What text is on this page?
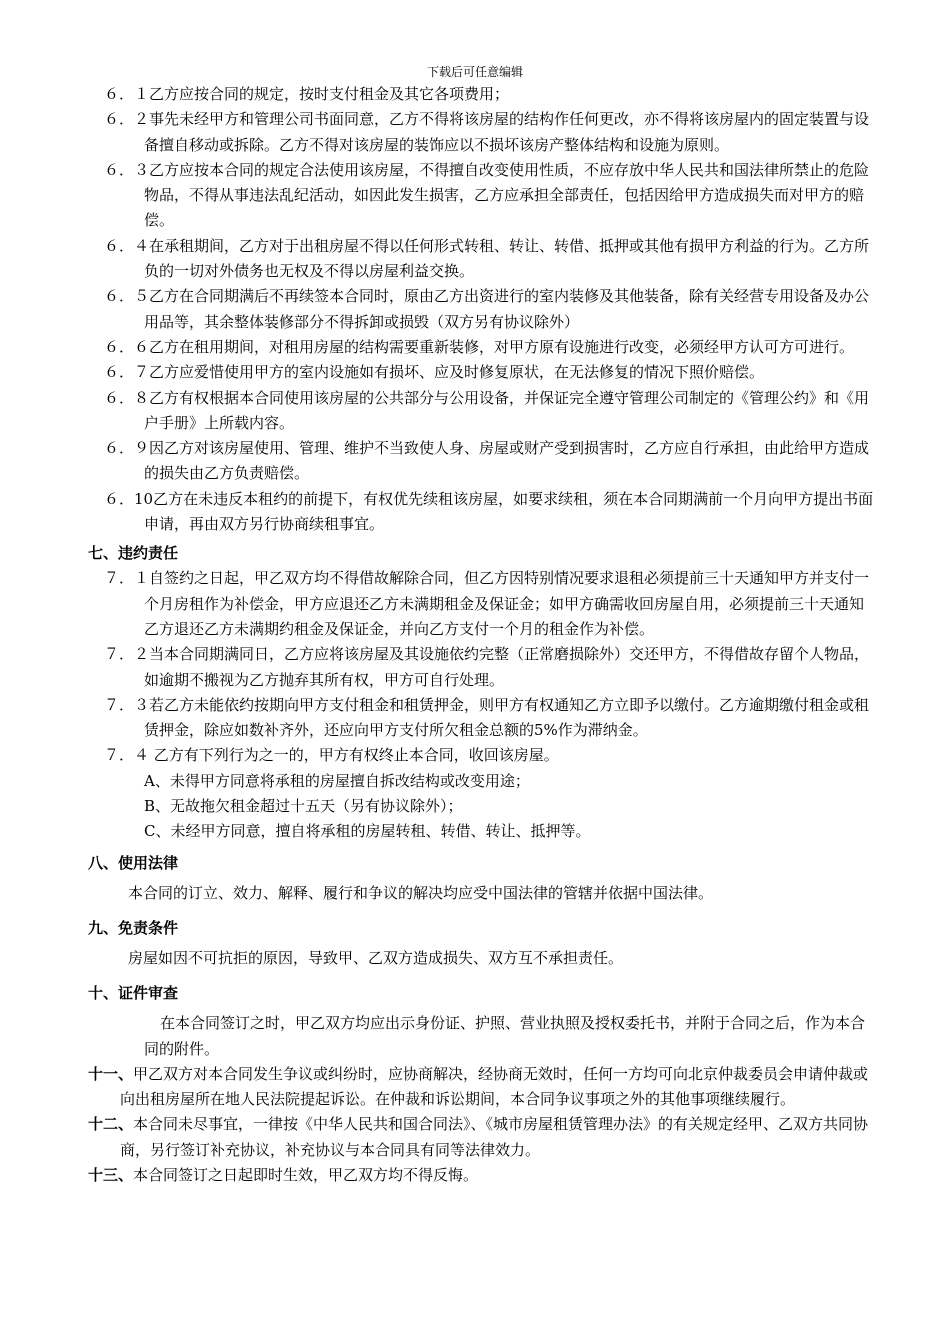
下载后可任意编辑
６．１乙方应按合同的规定，按时支付租金及其它各项费用；
６．２事先未经甲方和管理公司书面同意，乙方不得将该房屋的结构作任何更改，亦不得将该房屋内的固定装置与设备擅自移动或拆除。乙方不得对该房屋的装饰应以不损坏该房产整体结构和设施为原则。
６．３乙方应按本合同的规定合法使用该房屋，不得擅自改变使用性质，不应存放中华人民共和国法律所禁止的危险物品，不得从事违法乱纪活动，如因此发生损害，乙方应承担全部责任，包括因给甲方造成损失而对甲方的赔偿。
６．４在承租期间，乙方对于出租房屋不得以任何形式转租、转让、转借、抵押或其他有损甲方利益的行为。乙方所负的一切对外债务也无权及不得以房屋利益交换。
６．５乙方在合同期满后不再续签本合同时，原由乙方出资进行的室内装修及其他装备，除有关经营专用设备及办公用品等，其余整体装修部分不得拆卸或损毁（双方另有协议除外）
６．６乙方在租用期间，对租用房屋的结构需要重新装修，对甲方原有设施进行改变，必须经甲方认可方可进行。
６．７乙方应爱惜使用甲方的室内设施如有损坏、应及时修复原状，在无法修复的情况下照价赔偿。
６．８乙方有权根据本合同使用该房屋的公共部分与公用设备，并保证完全遵守管理公司制定的《管理公约》和《用户手册》上所载内容。
６．９因乙方对该房屋使用、管理、维护不当致使人身、房屋或财产受到损害时，乙方应自行承担，由此给甲方造成的损失由乙方负责赔偿。
６．10乙方在未违反本租约的前提下，有权优先续租该房屋，如要求续租，须在本合同期满前一个月向甲方提出书面申请，再由双方另行协商续租事宜。
七、违约责任
７．１自签约之日起，甲乙双方均不得借故解除合同，但乙方因特别情况要求退租必须提前三十天通知甲方并支付一个月房租作为补偿金，甲方应退还乙方未满期租金及保证金；如甲方确需收回房屋自用，必须提前三十天通知乙方退还乙方未满期约租金及保证金，并向乙方支付一个月的租金作为补偿。
７．２当本合同期满同日，乙方应将该房屋及其设施依约完整（正常磨损除外）交还甲方，不得借故存留个人物品，如逾期不搬视为乙方抛弃其所有权，甲方可自行处理。
７．３若乙方未能依约按期向甲方支付租金和租赁押金，则甲方有权通知乙方立即予以缴付。乙方逾期缴付租金或租赁押金，除应如数补齐外，还应向甲方支付所欠租金总额的5%作为滞纳金。
７．４ 乙方有下列行为之一的，甲方有权终止本合同，收回该房屋。
A、未得甲方同意将承租的房屋擅自拆改结构或改变用途；
B、无故拖欠租金超过十五天（另有协议除外）；
C、未经甲方同意，擅自将承租的房屋转租、转借、转让、抵押等。
八、使用法律
本合同的订立、效力、解释、履行和争议的解决均应受中国法律的管辖并依据中国法律。
九、免责条件
房屋如因不可抗拒的原因，导致甲、乙双方造成损失、双方互不承担责任。
十、证件审查
在本合同签订之时，甲乙双方均应出示身份证、护照、营业执照及授权委托书，并附于合同之后，作为本合同的附件。
十一、甲乙双方对本合同发生争议或纠纷时，应协商解决，经协商无效时，任何一方均可向北京仲裁委员会申请仲裁或向出租房屋所在地人民法院提起诉讼。在仲裁和诉讼期间，本合同争议事项之外的其他事项继续履行。
十二、本合同未尽事宜，一律按《中华人民共和国合同法》、《城市房屋租赁管理办法》的有关规定经甲、乙双方共同协商，另行签订补充协议，补充协议与本合同具有同等法律效力。
十三、本合同签订之日起即时生效，甲乙双方均不得反悔。
